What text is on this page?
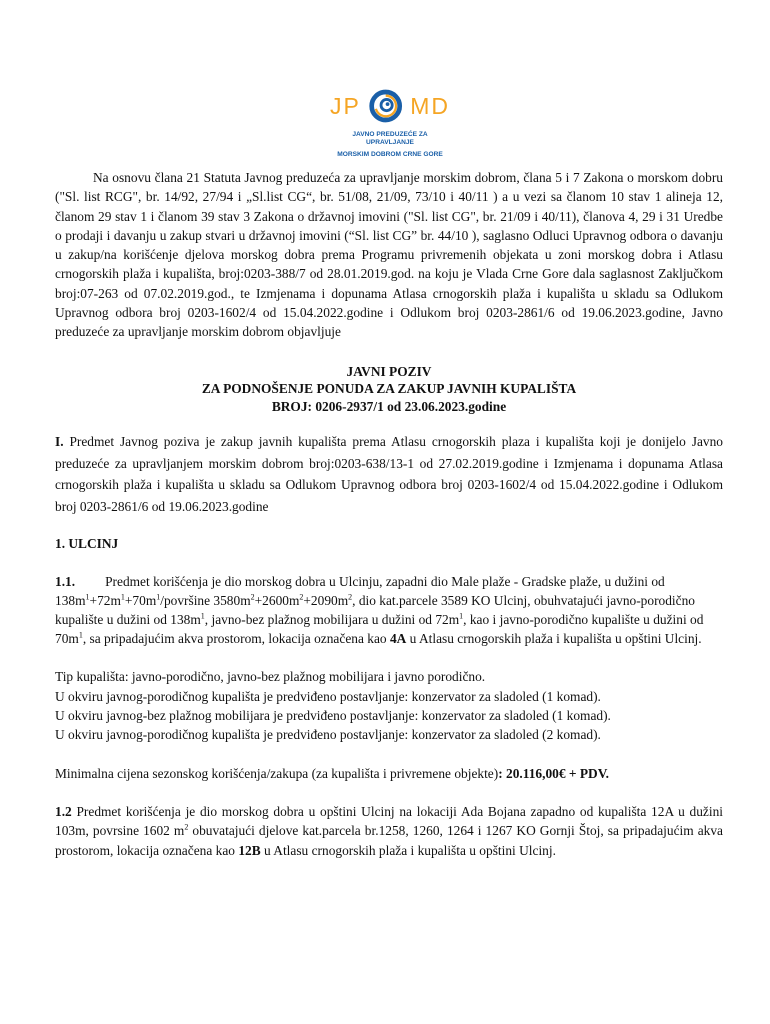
JP MD
JAVNO PREDUZEĆE ZA UPRAVLJANJE
MORSKIM DOBROM CRNE GORE

Na osnovu člana 21 Statuta Javnog preduzeća za upravljanje morskim dobrom, člana 5 i 7 Zakona o morskom dobru ("Sl. list RCG", br. 14/92, 27/94 i „Sl.list CG“, br. 51/08, 21/09, 73/10 i 40/11 ) a u vezi sa članom 10 stav 1 alineja 12, članom 29 stav 1 i članom 39 stav 3 Zakona o državnoj imovini ("Sl. list CG", br. 21/09 i 40/11), članova 4, 29 i 31 Uredbe o prodaji i davanju u zakup stvari u državnoj imovini (“Sl. list CG” br. 44/10 ), saglasno Odluci Upravnog odbora o davanju u zakup/na korišćenje djelova morskog dobra prema Programu privremenih objekata u zoni morskog dobra i Atlasu crnogorskih plaža i kupališta, broj:0203-388/7 od 28.01.2019.god. na koju je Vlada Crne Gore dala saglasnost Zaključkom broj:07-263 od 07.02.2019.god., te Izmjenama i dopunama Atlasa crnogorskih plaža i kupališta u skladu sa Odlukom Upravnog odbora broj 0203-1602/4 od 15.04.2022.godine i Odlukom broj 0203-2861/6 od 19.06.2023.godine, Javno preduzeće za upravljanje morskim dobrom objavljuje

JAVNI POZIV

ZA PODNOŠENJE PONUDA ZA ZAKUP JAVNIH KUPALIŠTA

BROJ: 0206-2937/1 od 23.06.2023.godine

I. Predmet Javnog poziva je zakup javnih kupališta prema Atlasu crnogorskih plaza i kupališta koji je donijelo Javno preduzeće za upravljanjem morskim dobrom broj:0203-638/13-1 od 27.02.2019.godine i Izmjenama i dopunama Atlasa crnogorskih plaža i kupališta u skladu sa Odlukom Upravnog odbora broj 0203-1602/4 od 15.04.2022.godine i Odlukom broj 0203-2861/6 od 19.06.2023.godine

1. ULCINJ

1.1. Predmet korišćenja je dio morskog dobra u Ulcinju, zapadni dio Male plaže - Gradske plaže, u dužini od $138m^1+72m^1+70m^1$/površine $3580m^2+2600m^2+2090m^2$, dio kat.parcele 3589 KO Ulcinj, obuhvatajući javno-porodično kupalište u dužini od $138m^1$, javno-bez plažnog mobilijara u dužini od $72m^1$, kao i javno-porodično kupalište u dužini od $70m^1$, sa pripadajućim akva prostorom, lokacija označena kao 4A u Atlasu crnogorskih plaža i kupališta u opštini Ulcinj.

Tip kupališta: javno-porodično, javno-bez plažnog mobilijara i javno porodično.

U okviru javnog-porodičnog kupališta je predviđeno postavljanje: konzervator za sladoled (1 komad).

U okviru javnog-bez plažnog mobilijara je predviđeno postavljanje: konzervator za sladoled (1 komad).

U okviru javnog-porodičnog kupališta je predviđeno postavljanje: konzervator za sladoled (2 komad).

Minimalna cijena sezonskog korišćenja/zakupa (za kupališta i privremene objekte): 20.116,00€ + PDV.

1.2 Predmet korišćenja je dio morskog dobra u opštini Ulcinj na lokaciji Ada Bojana zapadno od kupališta 12A u dužini 103m, povrsine 1602 $m^2$ obuvatajući djelove kat.parcela br.1258, 1260, 1264 i 1267 KO Gornji Štoj, sa pripadajućim akva prostorom, lokacija označena kao 12B u Atlasu crnogorskih plaža i kupališta u opštini Ulcinj.
